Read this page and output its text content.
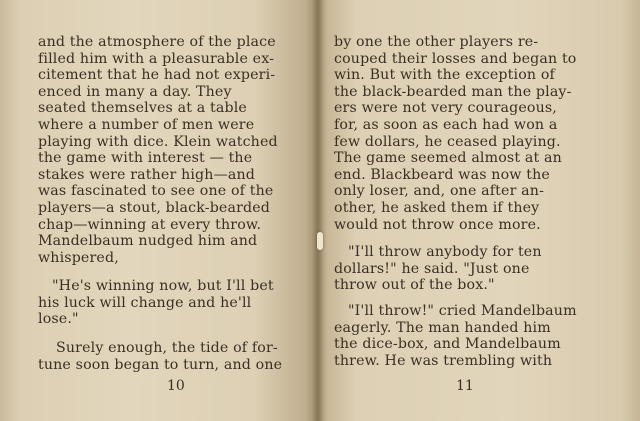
and the atmosphere of the place
filled him with a pleasurable ex-
citement that he had not experi-
enced in many a day. They
seated themselves at a table
where a number of men were
playing with dice. Klein watched
the game with interest — the
stakes were rather high—and
was fascinated to see one of the
players—a stout, black-bearded
chap—winning at every throw.
Mandelbaum nudged him and
whispered,

"He's winning now, but I'll bet
his luck will change and he'll
lose."

Surely enough, the tide of for-
tune soon began to turn, and one

10

by one the other players re-
couped their losses and began to
win. But with the exception of
the black-bearded man the play-
ers were not very courageous,
for, as soon as each had won a
few dollars, he ceased playing.
The game seemed almost at an
end. Blackbeard was now the
only loser, and, one after an-
other, he asked them if they
would not throw once more.

"I'll throw anybody for ten
dollars!" he said. "Just one
throw out of the box."

"I'll throw!" cried Mandelbaum
eagerly. The man handed him
the dice-box, and Mandelbaum
threw. He was trembling with

11
